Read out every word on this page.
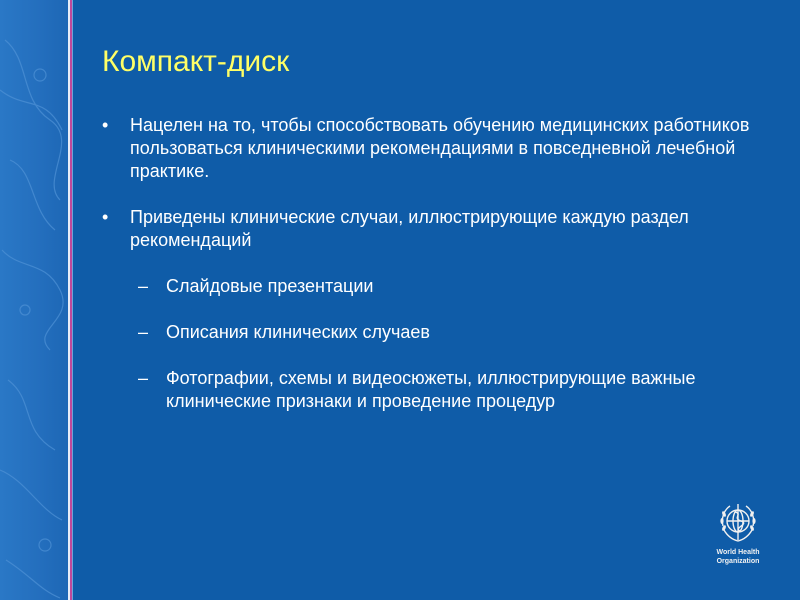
Компакт-диск
• Нацелен на то, чтобы способствовать обучению медицинских работников пользоваться клиническими рекомендациями в повседневной лечебной практике.
• Приведены клинические случаи, иллюстрирующие каждую раздел рекомендаций
– Слайдовые презентации
– Описания клинических случаев
– Фотографии, схемы и видеосюжеты, иллюстрирующие важные клинические признаки и проведение процедур
World Health
Organization
